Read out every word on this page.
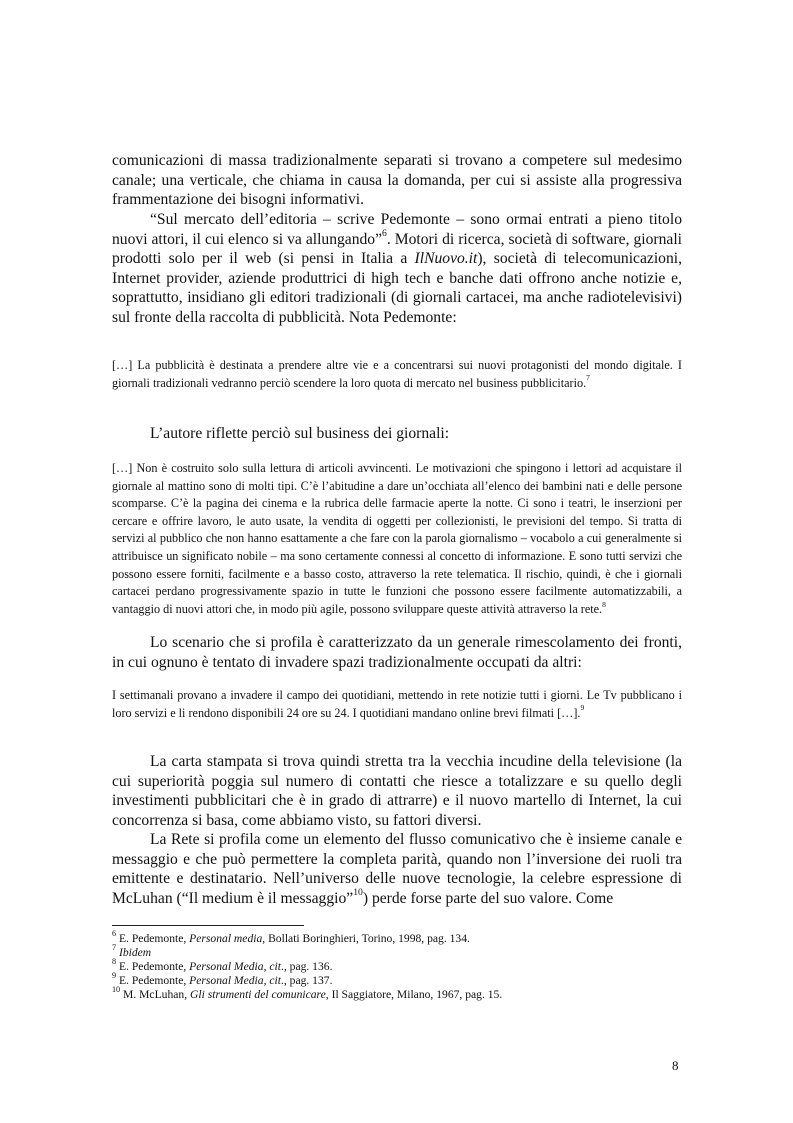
comunicazioni di massa tradizionalmente separati si trovano a competere sul medesimo canale; una verticale, che chiama in causa la domanda, per cui si assiste alla progressiva frammentazione dei bisogni informativi.

“Sul mercato dell’editoria – scrive Pedemonte – sono ormai entrati a pieno titolo nuovi attori, il cui elenco si va allungando”$^6$. Motori di ricerca, società di software, giornali prodotti solo per il web (si pensi in Italia a IlNuovo.it), società di telecomunicazioni, Internet provider, aziende produttrici di high tech e banche dati offrono anche notizie e, soprattutto, insidiano gli editori tradizionali (di giornali cartacei, ma anche radiotelevisivi) sul fronte della raccolta di pubblicità. Nota Pedemonte:

[…] La pubblicità è destinata a prendere altre vie e a concentrarsi sui nuovi protagonisti del mondo digitale. I giornali tradizionali vedranno perciò scendere la loro quota di mercato nel business pubblicitario.$^7$

L’autore riflette perciò sul business dei giornali:

[…] Non è costruito solo sulla lettura di articoli avvincenti. Le motivazioni che spingono i lettori ad acquistare il giornale al mattino sono di molti tipi. C’è l’abitudine a dare un’occhiata all’elenco dei bambini nati e delle persone scomparse. C’è la pagina dei cinema e la rubrica delle farmacie aperte la notte. Ci sono i teatri, le inserzioni per cercare e offrire lavoro, le auto usate, la vendita di oggetti per collezionisti, le previsioni del tempo. Si tratta di servizi al pubblico che non hanno esattamente a che fare con la parola giornalismo – vocabolo a cui generalmente si attribuisce un significato nobile – ma sono certamente connessi al concetto di informazione. E sono tutti servizi che possono essere forniti, facilmente e a basso costo, attraverso la rete telematica. Il rischio, quindi, è che i giornali cartacei perdano progressivamente spazio in tutte le funzioni che possono essere facilmente automatizzabili, a vantaggio di nuovi attori che, in modo più agile, possono sviluppare queste attività attraverso la rete.$^8$

Lo scenario che si profila è caratterizzato da un generale rimescolamento dei fronti, in cui ognuno è tentato di invadere spazi tradizionalmente occupati da altri:

I settimanali provano a invadere il campo dei quotidiani, mettendo in rete notizie tutti i giorni. Le Tv pubblicano i loro servizi e li rendono disponibili 24 ore su 24. I quotidiani mandano online brevi filmati […].$^9$

La carta stampata si trova quindi stretta tra la vecchia incudine della televisione (la cui superiorità poggia sul numero di contatti che riesce a totalizzare e su quello degli investimenti pubblicitari che è in grado di attrarre) e il nuovo martello di Internet, la cui concorrenza si basa, come abbiamo visto, su fattori diversi.

La Rete si profila come un elemento del flusso comunicativo che è insieme canale e messaggio e che può permettere la completa parità, quando non l’inversione dei ruoli tra emittente e destinatario. Nell’universo delle nuove tecnologie, la celebre espressione di McLuhan (“Il medium è il messaggio”$^{10}$) perde forse parte del suo valore. Come

$^6$ E. Pedemonte, Personal media, Bollati Boringhieri, Torino, 1998, pag. 134.

$^7$ Ibidem

$^8$ E. Pedemonte, Personal Media, cit., pag. 136.

$^9$ E. Pedemonte, Personal Media, cit., pag. 137.

$^{10}$ M. McLuhan, Gli strumenti del comunicare, Il Saggiatore, Milano, 1967, pag. 15.

8
